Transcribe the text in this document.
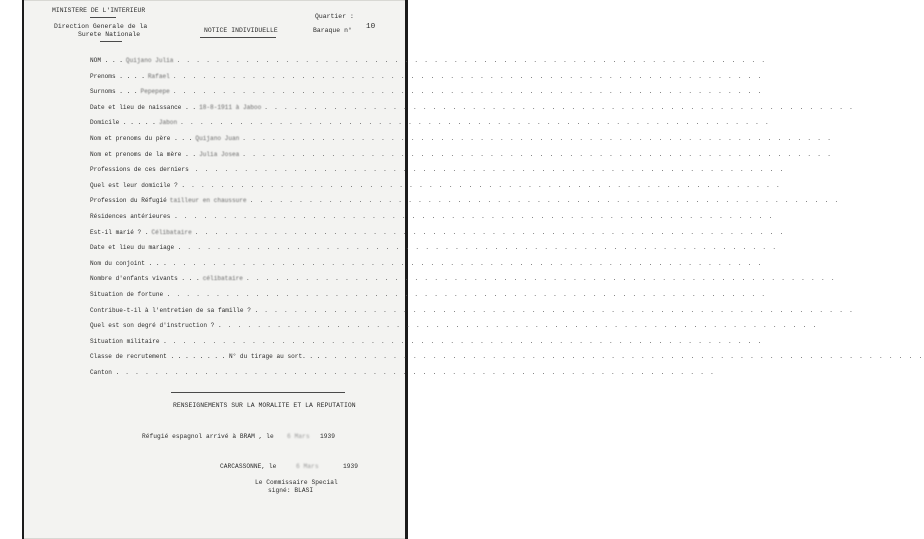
MINISTERE DE L'INTERIEUR
Direction Generale de la
Surete Nationale
NOTICE INDIVIDUELLE
Quartier :
Baraque n° 10
NOM . . . Quijano Julia . . . . . . . . . . . . . . . . . . . . . . . . . . . . . . . . . . . . . . . . . . . . . . . . . . . . . . . . . . . .
Prenoms . . . . Rafael . . . . . . . . . . . . . . . . . . . . . . . . . . . . . . . . . . . . . . . . . . . . . . . . . . . . . . . . . . . .
Surnoms . . . Pepepepe . . . . . . . . . . . . . . . . . . . . . . . . . . . . . . . . . . . . . . . . . . . . . . . . . . . . . . . . . . . .
Date et lieu de naissance . . 18-8-1911 à Jaboo . . . . . . . . . . . . . . . . . . . . . . . . . . . . . . . . . . . . . . . . . . . . . . . . . . . . . . . . . . . .
Domicile . . . . . Jabon . . . . . . . . . . . . . . . . . . . . . . . . . . . . . . . . . . . . . . . . . . . . . . . . . . . . . . . . . . . .
Nom et prenoms du père . . . Quijano Juan . . . . . . . . . . . . . . . . . . . . . . . . . . . . . . . . . . . . . . . . . . . . . . . . . . . . . . . . . . . .
Nom et prenoms de la mère . . Julia Josea . . . . . . . . . . . . . . . . . . . . . . . . . . . . . . . . . . . . . . . . . . . . . . . . . . . . . . . . . . . .
Professions de ces derniers . . . . . . . . . . . . . . . . . . . . . . . . . . . . . . . . . . . . . . . . . . . . . . . . . . . . . . . . . . . .
Quel est leur domicile ? . . . . . . . . . . . . . . . . . . . . . . . . . . . . . . . . . . . . . . . . . . . . . . . . . . . . . . . . . . . . .
Profession du Réfugié tailleur en chaussure . . . . . . . . . . . . . . . . . . . . . . . . . . . . . . . . . . . . . . . . . . . . . . . . . . . . . . . . . . . .
Résidences antérieures . . . . . . . . . . . . . . . . . . . . . . . . . . . . . . . . . . . . . . . . . . . . . . . . . . . . . . . . . . . . .
Est-il marié ? . Célibataire . . . . . . . . . . . . . . . . . . . . . . . . . . . . . . . . . . . . . . . . . . . . . . . . . . . . . . . . . . . .
Date et lieu du mariage . . . . . . . . . . . . . . . . . . . . . . . . . . . . . . . . . . . . . . . . . . . . . . . . . . . . . . . . . . . . .
Nom du conjoint . . . . . . . . . . . . . . . . . . . . . . . . . . . . . . . . . . . . . . . . . . . . . . . . . . . . . . . . . . . . . . .
Nombre d'enfants vivants . . . célibataire . . . . . . . . . . . . . . . . . . . . . . . . . . . . . . . . . . . . . . . . . . . . . . . . . . . . . . . . . . . .
Situation de fortune . . . . . . . . . . . . . . . . . . . . . . . . . . . . . . . . . . . . . . . . . . . . . . . . . . . . . . . . . . . . .
Contribue-t-il à l'entretien de sa famille ? . . . . . . . . . . . . . . . . . . . . . . . . . . . . . . . . . . . . . . . . . . . . . . . . . . . . . . . . . . . . .
Quel est son degré d'instruction ? . . . . . . . . . . . . . . . . . . . . . . . . . . . . . . . . . . . . . . . . . . . . . . . . . . . . . . . . . . . . .
Situation militaire . . . . . . . . . . . . . . . . . . . . . . . . . . . . . . . . . . . . . . . . . . . . . . . . . . . . . . . . . . . . .
Classe de recrutement . . . . . . . . N° du tirage au sort. . . . . . . . . . . . . . . . . . . . . . . . . . . . . . . . . . . . . . . . . . . . . . . . . . . . . . . . . . . . . . . .
Canton . . . . . . . . . . . . . . . . . . . . . . . . . . . . . . . . . . . . . . . . . . . . . . . . . . . . . . . . . . . . .
RENSEIGNEMENTS SUR LA MORALITE ET LA REPUTATION
Réfugié espagnol arrivé à BRAM , le 6 Mars 1939
CARCASSONNE, le	6 Mars	1939
Le Commissaire Special
signé: BLASI
